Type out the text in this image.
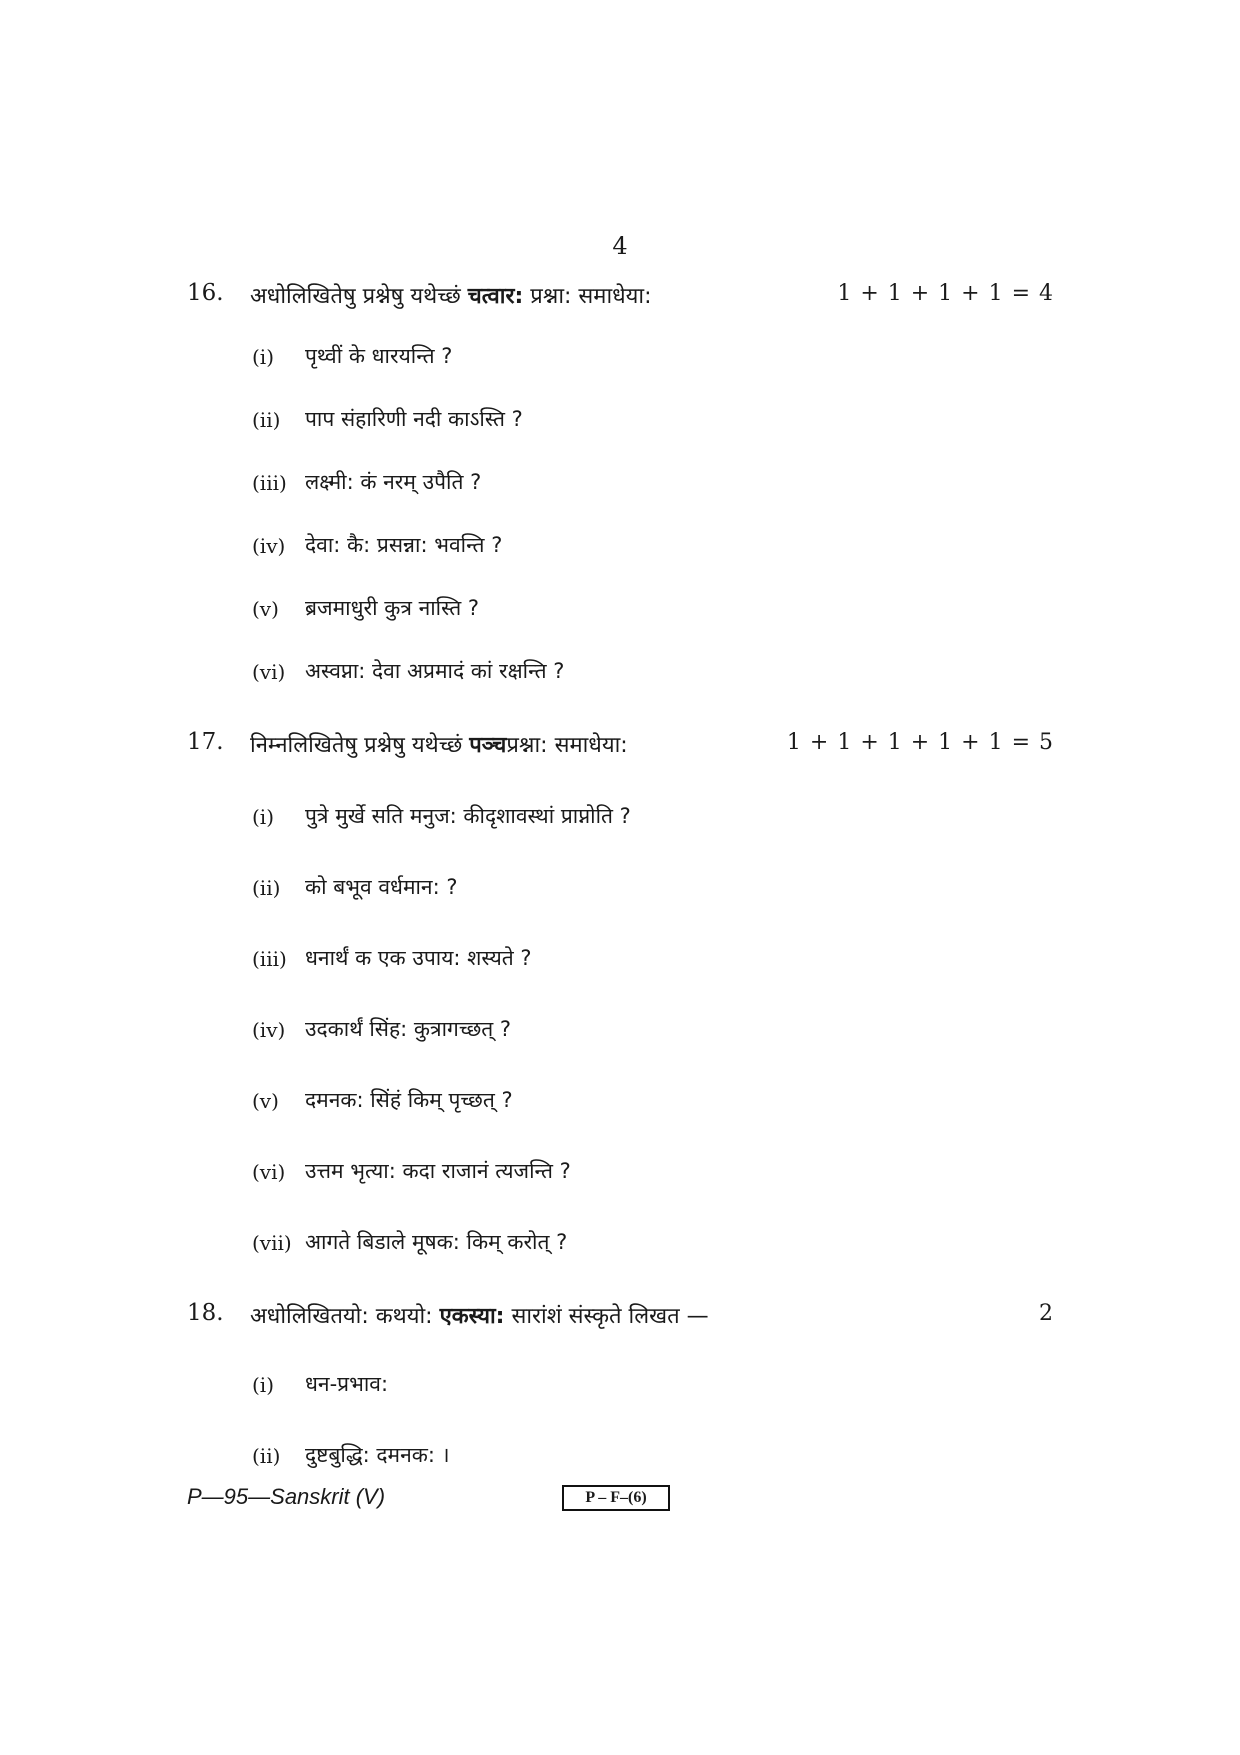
4
16. अधोलिखितेषु प्रश्नेषु यथेच्छं चत्वार: प्रश्ना: समाधेया:	1 + 1 + 1 + 1 = 4
(i)	पृथ्वीं के धारयन्ति ?
(ii)	पाप संहारिणी नदी काऽस्ति ?
(iii) लक्ष्मी: कं नरम् उपैति ?
(iv) देवा: कै: प्रसन्ना: भवन्ति ?
(v)	ब्रजमाधुरी कुत्र नास्ति ?
(vi) अस्वप्ना: देवा अप्रमादं कां रक्षन्ति ?
17. निम्नलिखितेषु प्रश्नेषु यथेच्छं पञ्चप्रश्ना: समाधेया:	1 + 1 + 1 + 1 + 1 = 5
(i)	पुत्रे मुर्खे सति मनुज: कीदृशावस्थां प्राप्नोति ?
(ii)	को बभूव वर्धमान: ?
(iii) धनार्थं क एक उपाय: शस्यते ?
(iv) उदकार्थं सिंह: कुत्रागच्छत् ?
(v)	दमनक: सिंहं किम् पृच्छत् ?
(vi) उत्तम भृत्या: कदा राजानं त्यजन्ति ?
(vii) आगते बिडाले मूषक: किम् करोत् ?
18. अधोलिखितयो: कथयो: एकस्या: सारांशं संस्कृते लिखत —	2
(i)	धन-प्रभाव:
(ii)	दुष्टबुद्धि: दमनक: ।
P—95—Sanskrit (V)	P – F–(6)
